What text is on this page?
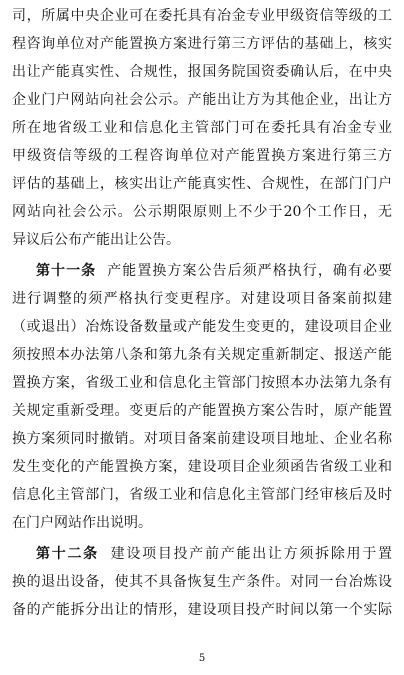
司，所属中央企业可在委托具有冶金专业甲级资信等级的工
程咨询单位对产能置换方案进行第三方评估的基础上，核实
出让产能真实性、合规性，报国务院国资委确认后，在中央
企业门户网站向社会公示。产能出让方为其他企业，出让方
所在地省级工业和信息化主管部门可在委托具有冶金专业
甲级资信等级的工程咨询单位对产能置换方案进行第三方
评估的基础上，核实出让产能真实性、合规性，在部门门户
网站向社会公示。公示期限原则上不少于20个工作日，无
异议后公布产能出让公告。
第十一条 产能置换方案公告后须严格执行，确有必要
进行调整的须严格执行变更程序。对建设项目备案前拟建
（或退出）冶炼设备数量或产能发生变更的，建设项目企业
须按照本办法第八条和第九条有关规定重新制定、报送产能
置换方案，省级工业和信息化主管部门按照本办法第九条有
关规定重新受理。变更后的产能置换方案公告时，原产能置
换方案须同时撤销。对项目备案前建设项目地址、企业名称
发生变化的产能置换方案，建设项目企业须函告省级工业和
信息化主管部门，省级工业和信息化主管部门经审核后及时
在门户网站作出说明。
第十二条 建设项目投产前产能出让方须拆除用于置
换的退出设备，使其不具备恢复生产条件。对同一台冶炼设
备的产能拆分出让的情形，建设项目投产时间以第一个实际
5
